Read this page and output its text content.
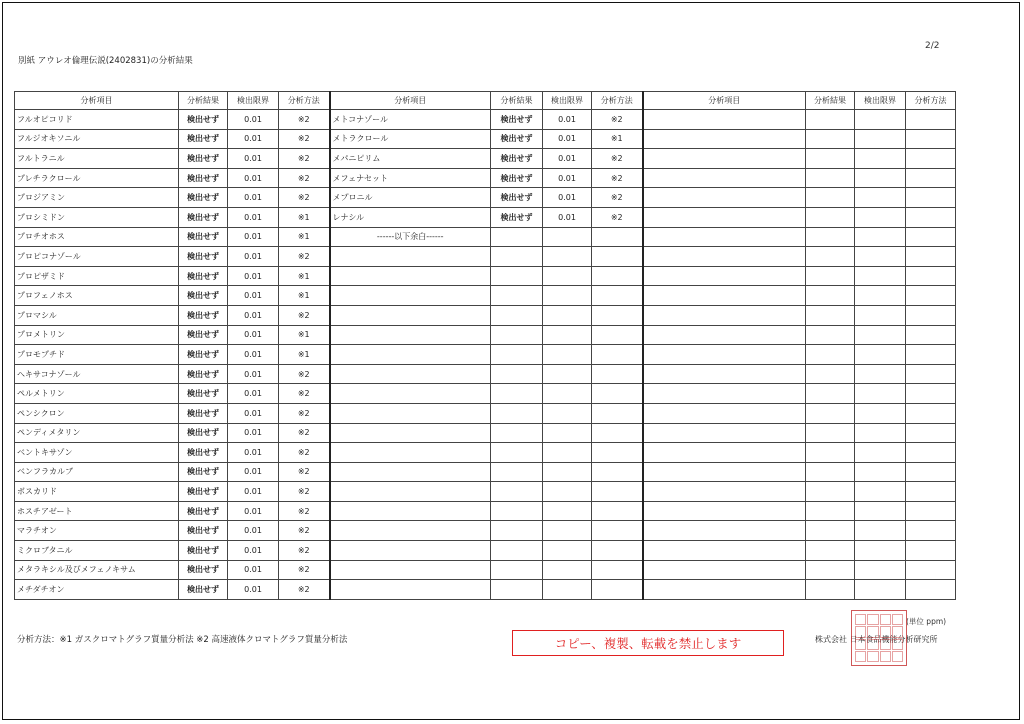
2/2
別紙 アウレオ倫理伝説(2402831)の分析結果
分析項目	分析結果	検出限界	分析方法	分析項目	分析結果	検出限界	分析方法	分析項目	分析結果	検出限界	分析方法
フルオピコリド	検出せず	0.01	※2	メトコナゾール	検出せず	0.01	※2				
フルジオキソニル	検出せず	0.01	※2	メトラクロール	検出せず	0.01	※1				
フルトラニル	検出せず	0.01	※2	メパニピリム	検出せず	0.01	※2				
プレチラクロール	検出せず	0.01	※2	メフェナセット	検出せず	0.01	※2				
プロジアミン	検出せず	0.01	※2	メプロニル	検出せず	0.01	※2				
プロシミドン	検出せず	0.01	※1	レナシル	検出せず	0.01	※2				
プロチオホス	検出せず	0.01	※1	------以下余白------							
プロピコナゾール	検出せず	0.01	※2								
プロピザミド	検出せず	0.01	※1								
プロフェノホス	検出せず	0.01	※1								
プロマシル	検出せず	0.01	※2								
プロメトリン	検出せず	0.01	※1								
プロモプチド	検出せず	0.01	※1								
ヘキサコナゾール	検出せず	0.01	※2								
ペルメトリン	検出せず	0.01	※2								
ペンシクロン	検出せず	0.01	※2								
ペンディメタリン	検出せず	0.01	※2								
ベントキサゾン	検出せず	0.01	※2								
ベンフラカルブ	検出せず	0.01	※2								
ボスカリド	検出せず	0.01	※2								
ホスチアゼート	検出せず	0.01	※2								
マラチオン	検出せず	0.01	※2								
ミクロブタニル	検出せず	0.01	※2								
メタラキシル及びメフェノキサム	検出せず	0.01	※2								
メチダチオン	検出せず	0.01	※2								
(単位 ppm)
分析方法：※1 ガスクロマトグラフ質量分析法 ※2 高速液体クロマトグラフ質量分析法	コピー、複製、転載を禁止します	株式会社 日本食品機能分析研究所
